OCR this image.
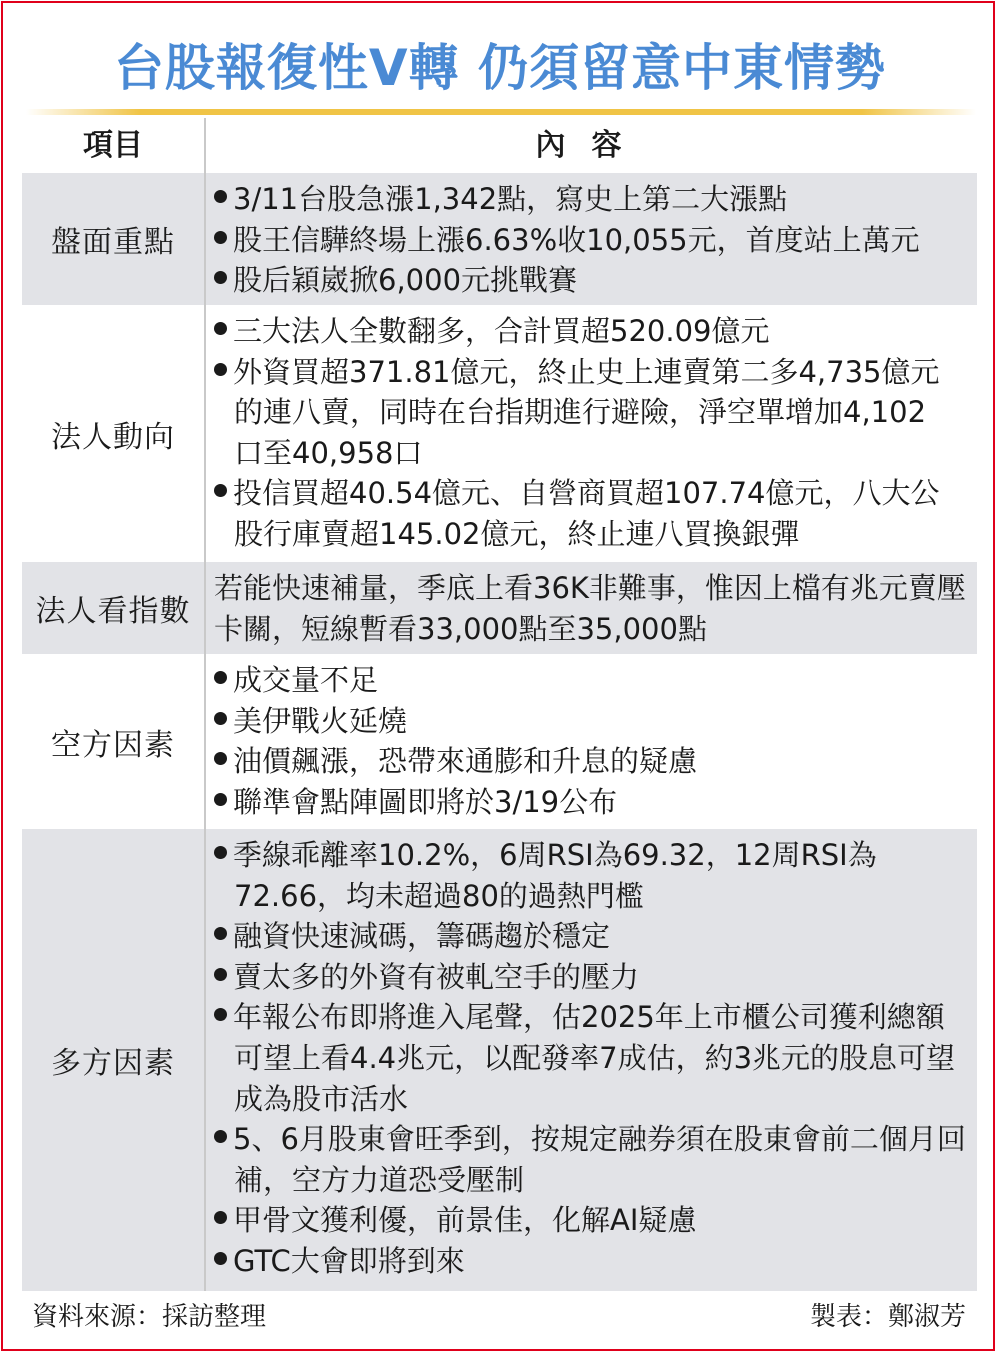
台股報復性V轉 仍須留意中東情勢
項目	內容
盤面重點
3/11台股急漲1,342點，寫史上第二大漲點
股王信驊終場上漲6.63%收10,055元，首度站上萬元
股后穎崴掀6,000元挑戰賽
法人動向
三大法人全數翻多，合計買超520.09億元
外資買超371.81億元，終止史上連賣第二多4,735億元的連八賣，同時在台指期進行避險，淨空單增加4,102口至40,958口
投信買超40.54億元、自營商買超107.74億元，八大公股行庫賣超145.02億元，終止連八買換銀彈
法人看指數
若能快速補量，季底上看36K非難事，惟因上檔有兆元賣壓卡關，短線暫看33,000點至35,000點
空方因素
成交量不足
美伊戰火延燒
油價飆漲，恐帶來通膨和升息的疑慮
聯準會點陣圖即將於3/19公布
多方因素
季線乖離率10.2%，6周RSI為69.32，12周RSI為72.66，均未超過80的過熱門檻
融資快速減碼，籌碼趨於穩定
賣太多的外資有被軋空手的壓力
年報公布即將進入尾聲，估2025年上市櫃公司獲利總額可望上看4.4兆元，以配發率7成估，約3兆元的股息可望成為股市活水
5、6月股東會旺季到，按規定融券須在股東會前二個月回補，空方力道恐受壓制
甲骨文獲利優，前景佳，化解AI疑慮
GTC大會即將到來
資料來源：採訪整理	製表：鄭淑芳
